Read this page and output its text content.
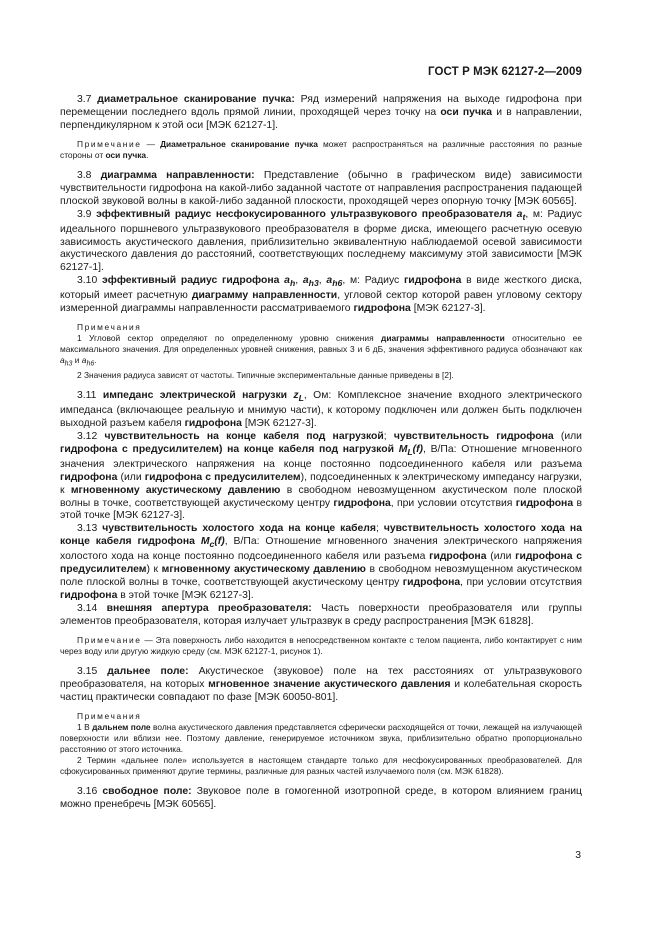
ГОСТ Р МЭК 62127-2—2009

3.7 диаметральное сканирование пучка: Ряд измерений напряжения на выходе гидрофона при перемещении последнего вдоль прямой линии, проходящей через точку на оси пучка и в направлении, перпендикулярном к этой оси [МЭК 62127-1].

Примечание — Диаметральное сканирование пучка может распространяться на различные расстояния по разные стороны от оси пучка.

3.8 диаграмма направленности: Представление (обычно в графическом виде) зависимости чувствительности гидрофона на какой-либо заданной частоте от направления распространения падающей плоской звуковой волны в какой-либо заданной плоскости, проходящей через опорную точку [МЭК 60565].

3.9 эффективный радиус несфокусированного ультразвукового преобразователя $a_t$, м: Радиус идеального поршневого ультразвукового преобразователя в форме диска, имеющего расчетную осевую зависимость акустического давления, приблизительно эквивалентную наблюдаемой осевой зависимости акустического давления до расстояний, соответствующих последнему максимуму этой зависимости [МЭК 62127-1].

3.10 эффективный радиус гидрофона $a_h$, $a_{h3}$, $a_{h6}$, м: Радиус гидрофона в виде жесткого диска, который имеет расчетную диаграмму направленности, угловой сектор которой равен угловому сектору измеренной диаграммы направленности рассматриваемого гидрофона [МЭК 62127-3].

Примечания

1 Угловой сектор определяют по определенному уровню снижения диаграммы направленности относительно ее максимального значения. Для определенных уровней снижения, равных 3 и 6 дБ, значения эффективного радиуса обозначают как $a_{h3}$ и $a_{h6}$.

2 Значения радиуса зависят от частоты. Типичные экспериментальные данные приведены в [2].

3.11 импеданс электрической нагрузки $z_L$, Ом: Комплексное значение входного электрического импеданса (включающее реальную и мнимую части), к которому подключен или должен быть подключен выходной разъем кабеля гидрофона [МЭК 62127-3].

3.12 чувствительность на конце кабеля под нагрузкой; чувствительность гидрофона (или гидрофона с предусилителем) на конце кабеля под нагрузкой $M_L(f)$, В/Па: Отношение мгновенного значения электрического напряжения на конце постоянно подсоединенного кабеля или разъема гидрофона (или гидрофона с предусилителем), подсоединенных к электрическому импедансу нагрузки, к мгновенному акустическому давлению в свободном невозмущенном акустическом поле плоской волны в точке, соответствующей акустическому центру гидрофона, при условии отсутствия гидрофона в этой точке [МЭК 62127-3].

3.13 чувствительность холостого хода на конце кабеля; чувствительность холостого хода на конце кабеля гидрофона $M_c(f)$, В/Па: Отношение мгновенного значения электрического напряжения холостого хода на конце постоянно подсоединенного кабеля или разъема гидрофона (или гидрофона с предусилителем) к мгновенному акустическому давлению в свободном невозмущенном акустическом поле плоской волны в точке, соответствующей акустическому центру гидрофона, при условии отсутствия гидрофона в этой точке [МЭК 62127-3].

3.14 внешняя апертура преобразователя: Часть поверхности преобразователя или группы элементов преобразователя, которая излучает ультразвук в среду распространения [МЭК 61828].

Примечание — Эта поверхность либо находится в непосредственном контакте с телом пациента, либо контактирует с ним через воду или другую жидкую среду (см. МЭК 62127-1, рисунок 1).

3.15 дальнее поле: Акустическое (звуковое) поле на тех расстояниях от ультразвукового преобразователя, на которых мгновенное значение акустического давления и колебательная скорость частиц практически совпадают по фазе [МЭК 60050-801].

Примечания

1 В дальнем поле волна акустического давления представляется сферически расходящейся от точки, лежащей на излучающей поверхности или вблизи нее. Поэтому давление, генерируемое источником звука, приблизительно обратно пропорционально расстоянию от этого источника.

2 Термин «дальнее поле» используется в настоящем стандарте только для несфокусированных преобразователей. Для сфокусированных применяют другие термины, различные для разных частей излучаемого поля (см. МЭК 61828).

3.16 свободное поле: Звуковое поле в гомогенной изотропной среде, в котором влиянием границ можно пренебречь [МЭК 60565].

3
